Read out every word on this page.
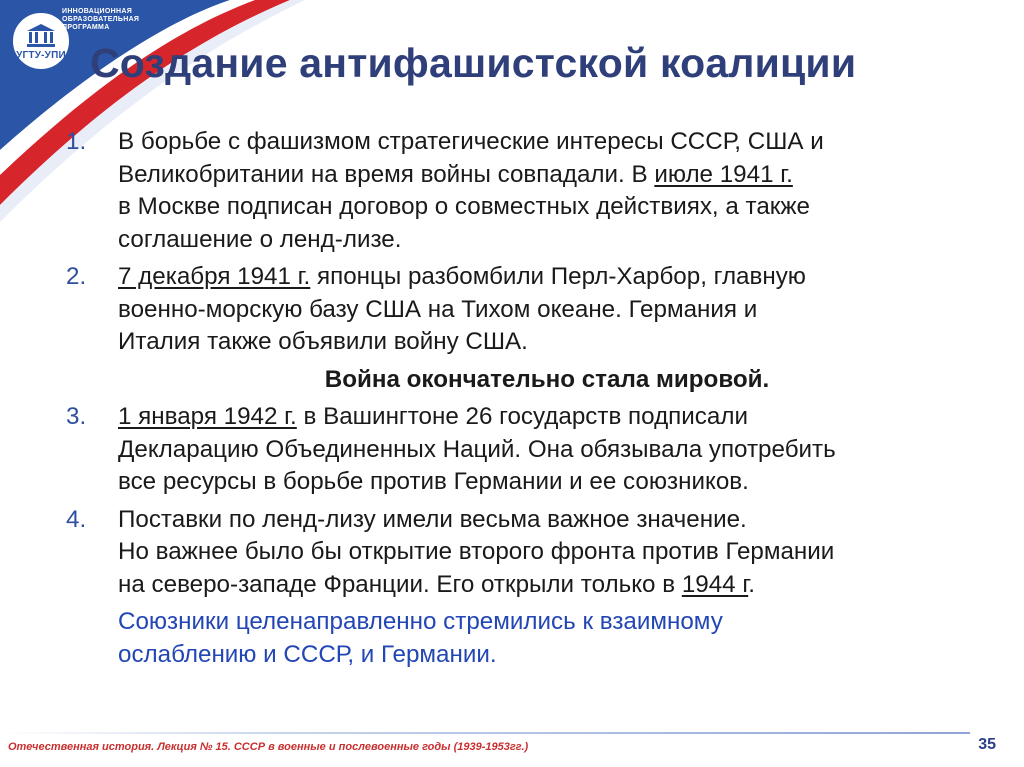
УГТУ-УПИ
ИННОВАЦИОННАЯ
ОБРАЗОВАТЕЛЬНАЯ
ПРОГРАММА
Создание антифашистской коалиции
1.	В борьбе с фашизмом стратегические интересы СССР, США и
Великобритании на время войны совпадали. В июле 1941 г.
в Москве подписан договор о совместных действиях, а также
соглашение о ленд-лизе.
2.	7 декабря 1941 г. японцы разбомбили Перл-Харбор, главную
военно-морскую базу США на Тихом океане. Германия и
Италия также объявили войну США.
Война окончательно стала мировой.
3.	1 января 1942 г. в Вашингтоне 26 государств подписали
Декларацию Объединенных Наций. Она обязывала употребить
все ресурсы в борьбе против Германии и ее союзников.
4.	Поставки по ленд-лизу имели весьма важное значение.
Но важнее было бы открытие второго фронта против Германии
на северо-западе Франции. Его открыли только в 1944 г.
Союзники целенаправленно стремились к взаимному
ослаблению и СССР, и Германии.
Отечественная история. Лекция № 15. СССР в военные и послевоенные годы (1939-1953гг.)	35
